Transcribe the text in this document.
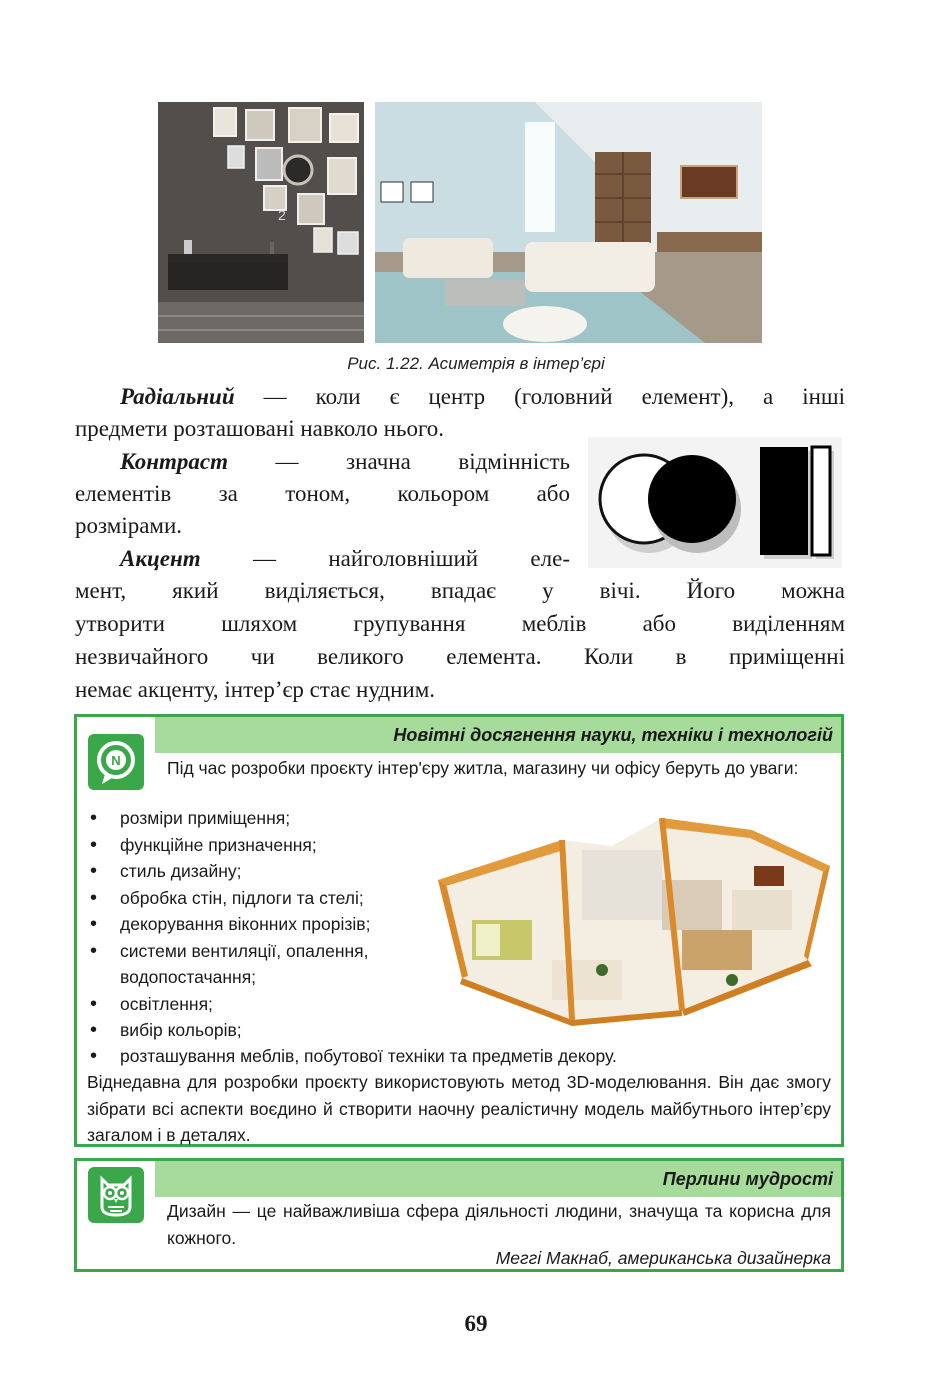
2
Рис. 1.22. Асиметрія в інтер’єрі
Радіальний — коли є центр (головний елемент), а інші
предмети розташовані навколо нього.
Контраст — значна відмінність
елементів за тоном, кольором або
розмірами.
Акцент — найголовніший еле-
мент, який виділяється, впадає у вічі. Його можна
утворити шляхом групування меблів або виділенням
незвичайного чи великого елемента. Коли в приміщенні
немає акценту, інтер’єр стає нудним.
Новітні досягнення науки, техніки і технологій
N	Під час розробки проєкту інтер'єру житла, магазину чи офісу беруть до уваги:
• розміри приміщення;
• функційне призначення;
• стиль дизайну;
• обробка стін, підлоги та стелі;
• декорування віконних прорізів;
• системи вентиляції, опалення, водопостачання;
• освітлення;
• вибір кольорів;
• розташування меблів, побутової техніки та предметів декору.
Віднедавна для розробки проєкту використовують метод 3D-моделювання. Він дає змогу зібрати всі аспекти воєдино й створити наочну реалістичну модель майбутнього інтер’єру загалом і в деталях.
Перлини мудрості
Дизайн — це найважливіша сфера діяльності людини, значуща та корисна для кожного.
Меггі Макнаб, американська дизайнерка
69
